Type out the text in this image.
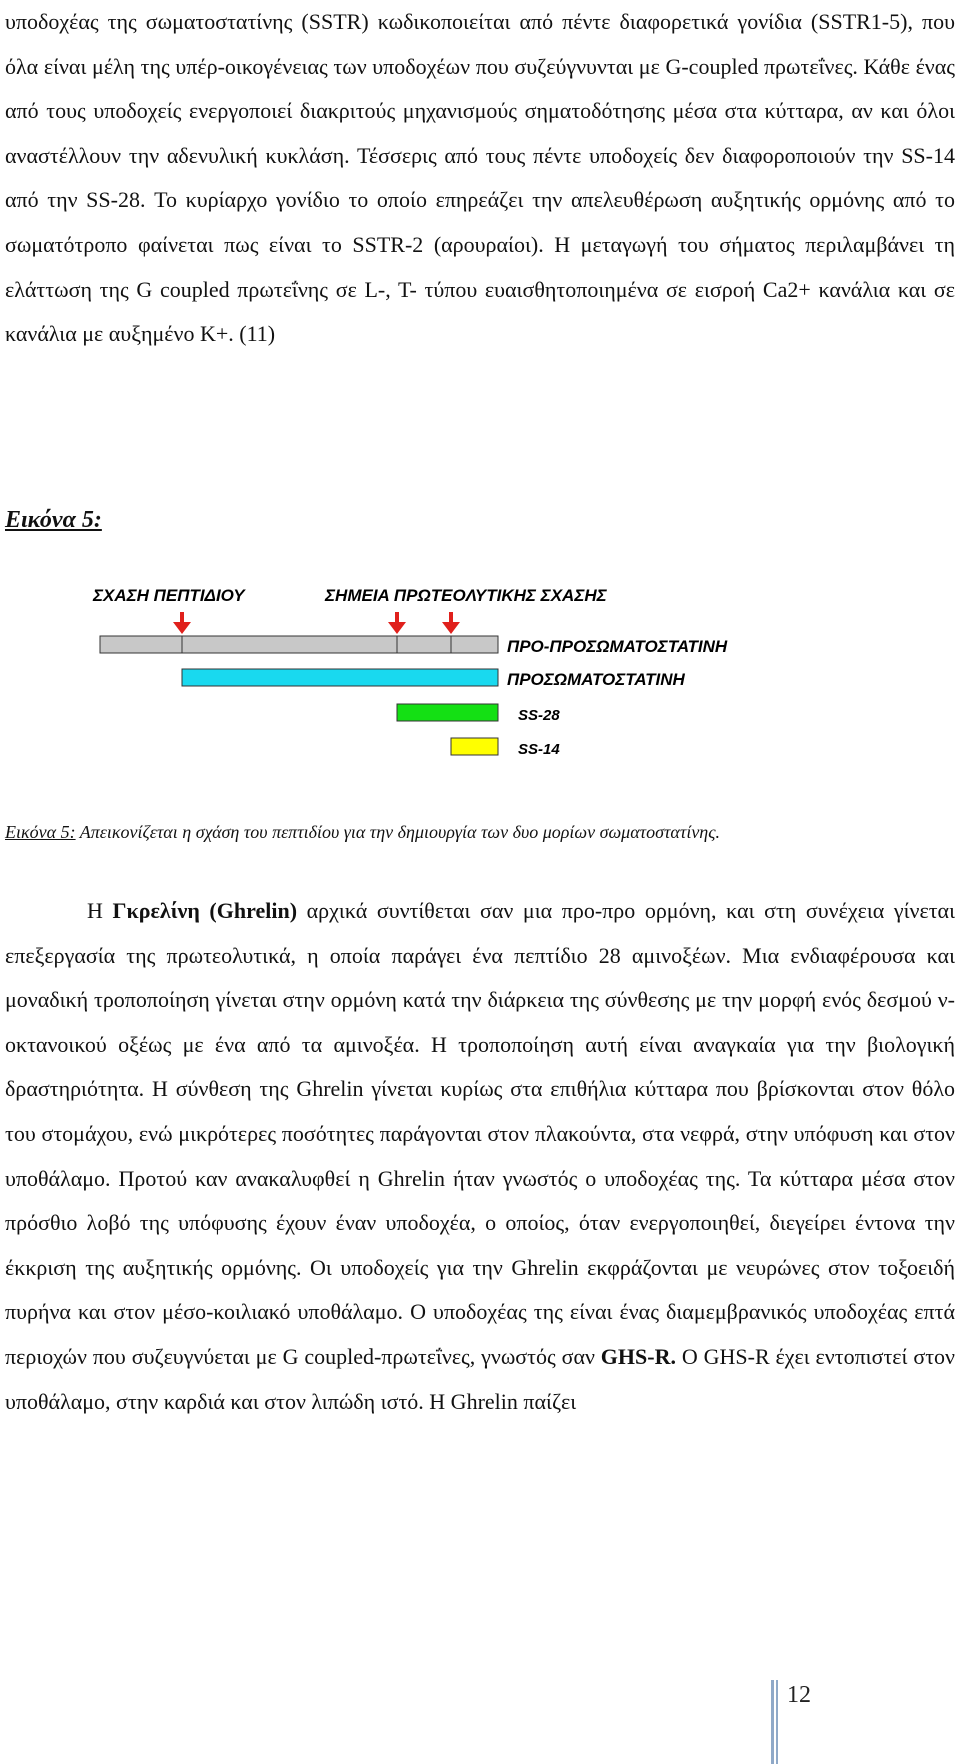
υποδοχέας της σωματοστατίνης (SSTR) κωδικοποιείται από πέντε διαφορετικά γονίδια (SSTR1-5), που όλα είναι μέλη της υπέρ-οικογένειας των υποδοχέων που συζεύγνυνται με G-coupled πρωτεΐνες. Κάθε ένας από τους υποδοχείς ενεργοποιεί διακριτούς μηχανισμούς σηματοδότησης μέσα στα κύτταρα, αν και όλοι αναστέλλουν την αδενυλική κυκλάση. Τέσσερις από τους πέντε υποδοχείς δεν διαφοροποιούν την SS-14 από την SS-28. Το κυρίαρχο γονίδιο το οποίο επηρεάζει την απελευθέρωση αυξητικής ορμόνης από το σωματότροπο φαίνεται πως είναι το SSTR-2 (αρουραίοι). Η μεταγωγή του σήματος περιλαμβάνει τη ελάττωση της G coupled πρωτεΐνης σε L-, T- τύπου ευαισθητοποιημένα σε εισροή Ca2+ κανάλια και σε κανάλια με αυξημένο K+. (11)

Εικόνα 5:

ΣΧΑΣΗ ΠΕΠΤΙΔΙΟΥ	ΣΗΜΕΙΑ ΠΡΩΤΕΟΛΥΤΙΚΗΣ ΣΧΑΣΗΣ
ΠΡΟ-ΠΡΟΣΩΜΑΤΟΣΤΑΤΙΝΗ
ΠΡΟΣΩΜΑΤΟΣΤΑΤΙΝΗ
SS-28
SS-14

Εικόνα 5: Απεικονίζεται η σχάση του πεπτιδίου για την δημιουργία των δυο μορίων σωματοστατίνης.

Η Γκρελίνη (Ghrelin) αρχικά συντίθεται σαν μια προ-προ ορμόνη, και στη συνέχεια γίνεται επεξεργασία της πρωτεολυτικά, η οποία παράγει ένα πεπτίδιο 28 αμινοξέων. Μια ενδιαφέρουσα και μοναδική τροποποίηση γίνεται στην ορμόνη κατά την διάρκεια της σύνθεσης με την μορφή ενός δεσμού ν-οκτανοικού οξέως με ένα από τα αμινοξέα. Η τροποποίηση αυτή είναι αναγκαία για την βιολογική δραστηριότητα. Η σύνθεση της Ghrelin γίνεται κυρίως στα επιθήλια κύτταρα που βρίσκονται στον θόλο του στομάχου, ενώ μικρότερες ποσότητες παράγονται στον πλακούντα, στα νεφρά, στην υπόφυση και στον υποθάλαμο. Προτού καν ανακαλυφθεί η Ghrelin ήταν γνωστός ο υποδοχέας της. Τα κύτταρα μέσα στον πρόσθιο λοβό της υπόφυσης έχουν έναν υποδοχέα, ο οποίος, όταν ενεργοποιηθεί, διεγείρει έντονα την έκκριση της αυξητικής ορμόνης. Οι υποδοχείς για την Ghrelin εκφράζονται με νευρώνες στον τοξοειδή πυρήνα και στον μέσο-κοιλιακό υποθάλαμο. Ο υποδοχέας της είναι ένας διαμεμβρανικός υποδοχέας επτά περιοχών που συζευγνύεται με G coupled-πρωτεΐνες, γνωστός σαν GHS-R. Ο GHS-R έχει εντοπιστεί στον υποθάλαμο, στην καρδιά και στον λιπώδη ιστό. Η Ghrelin παίζει

12
